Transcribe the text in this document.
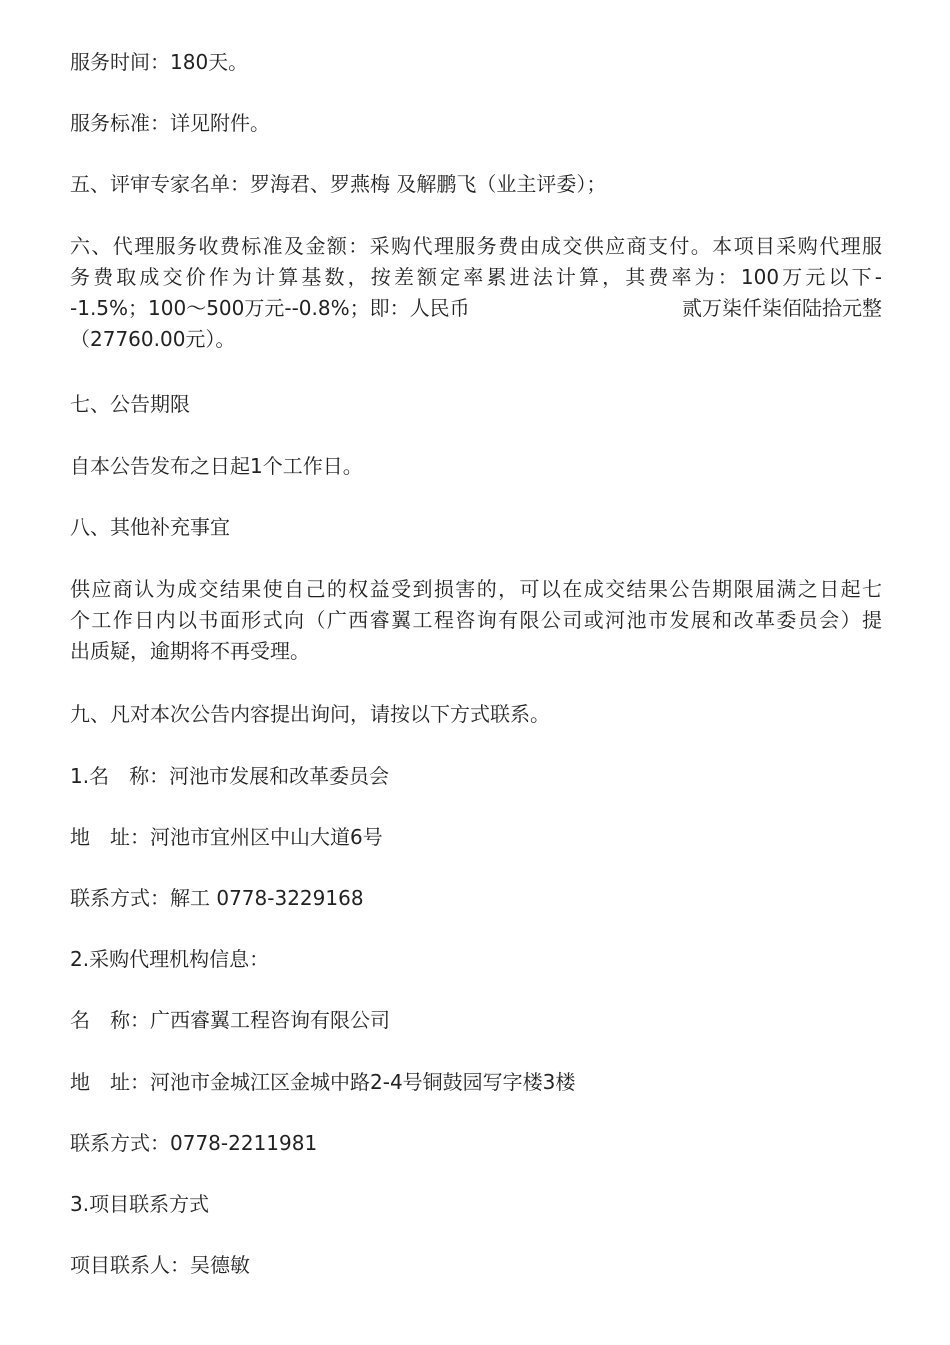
服务时间：180天。

服务标准：详见附件。

五、评审专家名单：罗海君、罗燕梅 及解鹏飞（业主评委）；

六、代理服务收费标准及金额：采购代理服务费由成交供应商支付。本项目采购代理服
务费取成交价作为计算基数，按差额定率累进法计算，其费率为：100万元以下-
-1.5%；100～500万元--0.8%；即：人民币	贰万柒仟柒佰陆拾元整
（27760.00元）。

七、公告期限

自本公告发布之日起1个工作日。

八、其他补充事宜

供应商认为成交结果使自己的权益受到损害的，可以在成交结果公告期限届满之日起七
个工作日内以书面形式向（广西睿翼工程咨询有限公司或河池市发展和改革委员会）提
出质疑，逾期将不再受理。

九、凡对本次公告内容提出询问，请按以下方式联系。

1.名　称：河池市发展和改革委员会

地　址：河池市宜州区中山大道6号

联系方式：解工 0778-3229168

2.采购代理机构信息：

名　称：广西睿翼工程咨询有限公司

地　址：河池市金城江区金城中路2-4号铜鼓园写字楼3楼

联系方式：0778-2211981

3.项目联系方式

项目联系人：吴德敏
